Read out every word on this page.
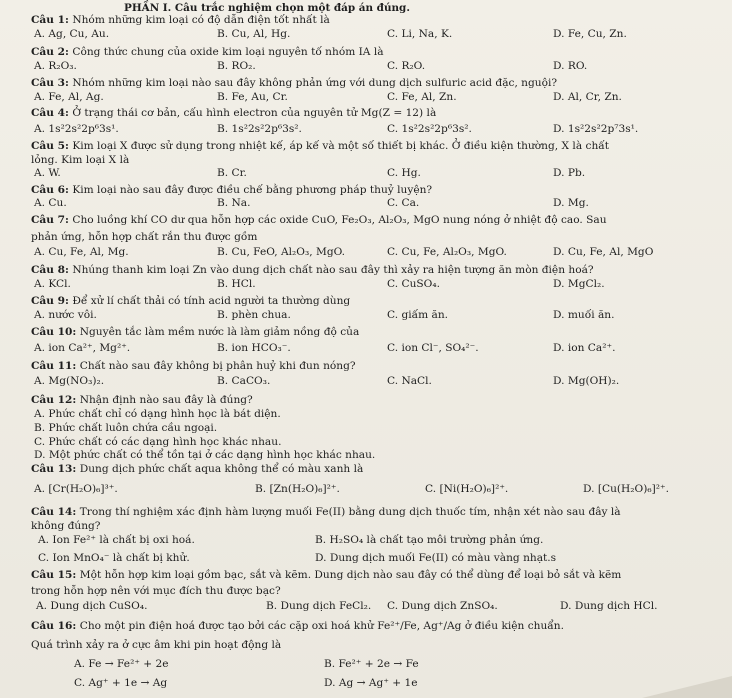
PHẦN I. Câu trắc nghiệm chọn một đáp án đúng.
Câu 1: Nhóm những kim loại có độ dẫn điện tốt nhất là
A. Ag, Cu, Au.	B. Cu, Al, Hg.	C. Li, Na, K.	D. Fe, Cu, Zn.
Câu 2: Công thức chung của oxide kim loại nguyên tố nhóm IA là
A. R₂O₃.	B. RO₂.	C. R₂O.	D. RO.
Câu 3: Nhóm những kim loại nào sau đây không phản ứng với dung dịch sulfuric acid đặc, nguội?
A. Fe, Al, Ag.	B. Fe, Au, Cr.	C. Fe, Al, Zn.	D. Al, Cr, Zn.
Câu 4: Ở trạng thái cơ bản, cấu hình electron của nguyên tử Mg(Z = 12) là
A. 1s²2s²2p⁶3s¹.	B. 1s²2s²2p⁶3s².	C. 1s²2s²2p⁶3s².	D. 1s²2s²2p⁷3s¹.
Câu 5: Kim loại X được sử dụng trong nhiệt kế, áp kế và một số thiết bị khác. Ở điều kiện thường, X là chất
lỏng. Kim loại X là
A. W.	B. Cr.	C. Hg.	D. Pb.
Câu 6: Kim loại nào sau đây được điều chế bằng phương pháp thuỷ luyện?
A. Cu.	B. Na.	C. Ca.	D. Mg.
Câu 7: Cho luồng khí CO dư qua hỗn hợp các oxide CuO, Fe₂O₃, Al₂O₃, MgO nung nóng ở nhiệt độ cao. Sau
phản ứng, hỗn hợp chất rắn thu được gồm
A. Cu, Fe, Al, Mg.	B. Cu, FeO, Al₂O₃, MgO.	C. Cu, Fe, Al₂O₃, MgO.	D. Cu, Fe, Al, MgO
Câu 8: Nhúng thanh kim loại Zn vào dung dịch chất nào sau đây thì xảy ra hiện tượng ăn mòn điện hoá?
A. KCl.	B. HCl.	C. CuSO₄.	D. MgCl₂.
Câu 9: Để xử lí chất thải có tính acid người ta thường dùng
A. nước vôi.	B. phèn chua.	C. giấm ăn.	D. muối ăn.
Câu 10: Nguyên tắc làm mềm nước là làm giảm nồng độ của
A. ion Ca²⁺, Mg²⁺.	B. ion HCO₃⁻.	C. ion Cl⁻, SO₄²⁻.	D. ion Ca²⁺.
Câu 11: Chất nào sau đây không bị phân huỷ khi đun nóng?
A. Mg(NO₃)₂.	B. CaCO₃.	C. NaCl.	D. Mg(OH)₂.
Câu 12: Nhận định nào sau đây là đúng?
A. Phức chất chỉ có dạng hình học là bát diện.
B. Phức chất luôn chứa cầu ngoại.
C. Phức chất có các dạng hình học khác nhau.
D. Một phức chất có thể tồn tại ở các dạng hình học khác nhau.
Câu 13: Dung dịch phức chất aqua không thể có màu xanh là
A. [Cr(H₂O)₆]³⁺.	B. [Zn(H₂O)₆]²⁺.	C. [Ni(H₂O)₆]²⁺.	D. [Cu(H₂O)₆]²⁺.
Câu 14: Trong thí nghiệm xác định hàm lượng muối Fe(II) bằng dung dịch thuốc tím, nhận xét nào sau đây là
không đúng?
A. Ion Fe²⁺ là chất bị oxi hoá.	B. H₂SO₄ là chất tạo môi trường phản ứng.
C. Ion MnO₄⁻ là chất bị khử.	D. Dung dịch muối Fe(II) có màu vàng nhạt.s
Câu 15: Một hỗn hợp kim loại gồm bạc, sắt và kẽm. Dung dịch nào sau đây có thể dùng để loại bỏ sắt và kẽm
trong hỗn hợp nên với mục đích thu được bạc?
A. Dung dịch CuSO₄.	B. Dung dịch FeCl₂. C. Dung dịch ZnSO₄.	D. Dung dịch HCl.
Câu 16: Cho một pin điện hoá được tạo bởi các cặp oxi hoá khử Fe²⁺/Fe, Ag⁺/Ag ở điều kiện chuẩn.
Quá trình xảy ra ở cực âm khi pin hoạt động là
A. Fe → Fe²⁺ + 2e	B. Fe²⁺ + 2e → Fe
C. Ag⁺ + 1e → Ag	D. Ag → Ag⁺ + 1e
